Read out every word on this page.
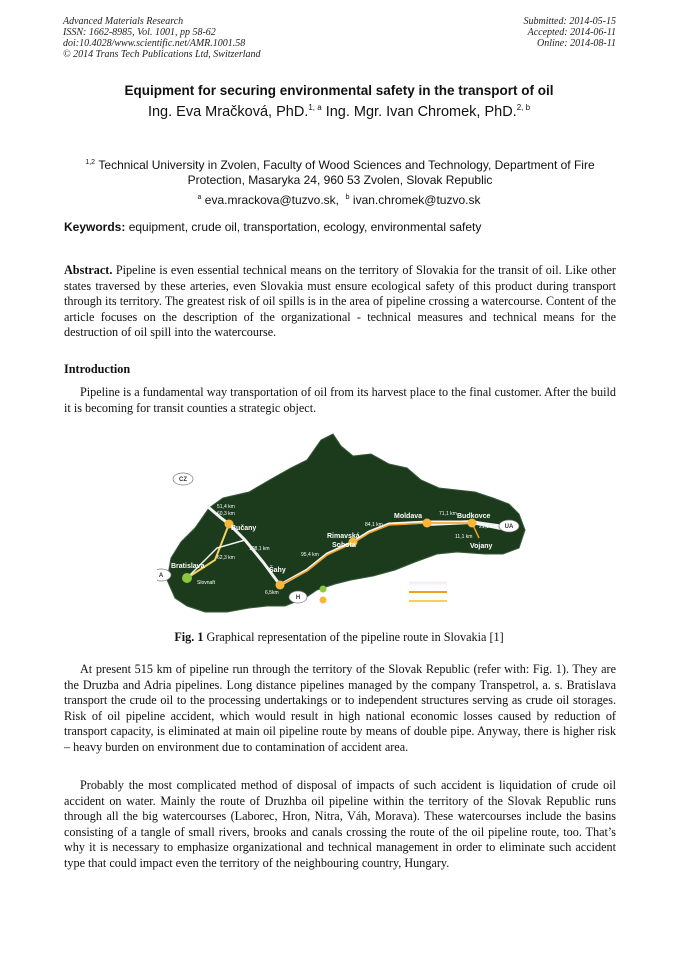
Advanced Materials Research
ISSN: 1662-8985, Vol. 1001, pp 58-62
doi:10.4028/www.scientific.net/AMR.1001.58
© 2014 Trans Tech Publications Ltd, Switzerland
Submitted: 2014-05-15
Accepted: 2014-06-11
Online: 2014-08-11
Equipment for securing environmental safety in the transport of oil
Ing. Eva Mračková, PhD.$^{1, a}$ Ing. Mgr. Ivan Chromek, PhD.$^{2, b}$
$^{1,2}$ Technical University in Zvolen, Faculty of Wood Sciences and Technology, Department of Fire Protection, Masaryka 24, 960 53 Zvolen, Slovak Republic
$^a$ eva.mrackova@tuzvo.sk, $^b$ ivan.chromek@tuzvo.sk
Keywords: equipment, crude oil, transportation, ecology, environmental safety
Abstract. Pipeline is even essential technical means on the territory of Slovakia for the transit of oil. Like other states traversed by these arteries, even Slovakia must ensure ecological safety of this product during transport through its territory. The greatest risk of oil spills is in the area of pipeline crossing a watercourse. Content of the article focuses on the description of the organizational - technical measures and technical means for the destruction of oil spill into the watercourse.
Introduction
Pipeline is a fundamental way transportation of oil from its harvest place to the final customer. After the build it is becoming for transit counties a strategic object.
Katov
Bučany
Bratislava
Šahy
Rimavská
Sobota
Moldava	Budkovce
Vojany
Slovnaft
51,4 km
60,3 km
108,1 km
62,3 km
6,5km
95,4 km
84,1 km
71,1 km
21,1 km
11,1 km
CZ
A
H
UA
Rafinéria Slovnaft
Prečerpávacia stanica
Ropovod Družba (Ø 700 mm)
Ropovod Družba (Ø 500 mm)
Ropovod Adria (Ø 400 mm)
Fig. 1 Graphical representation of the pipeline route in Slovakia [1]
At present 515 km of pipeline run through the territory of the Slovak Republic (refer with: Fig. 1). They are the Druzba and Adria pipelines. Long distance pipelines managed by the company Transpetrol, a. s. Bratislava transport the crude oil to the processing undertakings or to independent structures serving as crude oil storages. Risk of oil pipeline accident, which would result in high national economic losses caused by reduction of transport capacity, is eliminated at main oil pipeline route by means of double pipe. Anyway, there is higher risk – heavy burden on environment due to contamination of accident area.
Probably the most complicated method of disposal of impacts of such accident is liquidation of crude oil accident on water. Mainly the route of Druzhba oil pipeline within the territory of the Slovak Republic runs through all the big watercourses (Laborec, Hron, Nitra, Váh, Morava). These watercourses include the basins consisting of a tangle of small rivers, brooks and canals crossing the route of the oil pipeline route, too. That’s why it is necessary to emphasize organizational and technical management in order to eliminate such accident type that could impact even the territory of the neighbouring country, Hungary.
